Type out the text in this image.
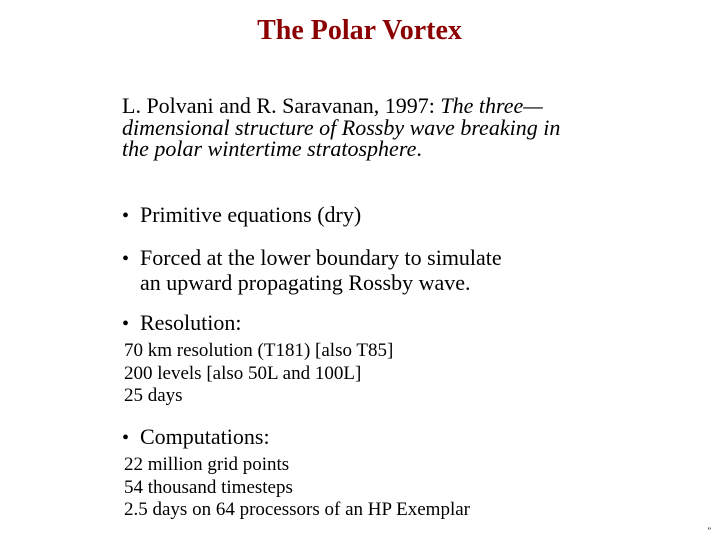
The Polar Vortex
L. Polvani and R. Saravanan, 1997: The three— dimensional structure of Rossby wave breaking in the polar wintertime stratosphere.
• Primitive equations (dry)
• Forced at the lower boundary to simulate
an upward propagating Rossby wave.
• Resolution:
70 km resolution (T181) [also T85]
200 levels [also 50L and 100L]
25 days
• Computations:
22 million grid points
54 thousand timesteps
2.5 days on 64 processors of an HP Exemplar
”
